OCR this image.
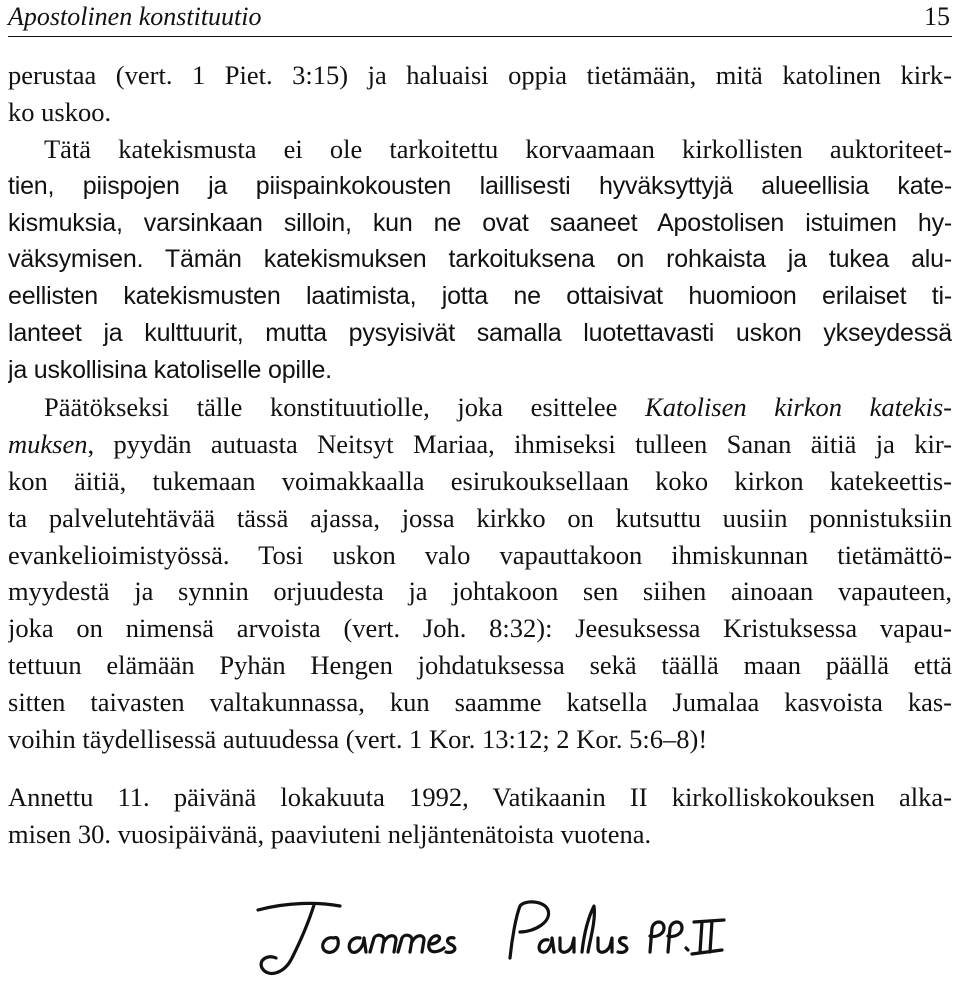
Apostolinen konstituutio	15
perustaa (vert. 1 Piet. 3:15) ja haluaisi oppia tietämään, mitä katolinen kirk-
ko uskoo.
Tätä katekismusta ei ole tarkoitettu korvaamaan kirkollisten auktoriteet-
tien, piispojen ja piispainkokousten laillisesti hyväksyttyjä alueellisia kate-
kismuksia, varsinkaan silloin, kun ne ovat saaneet Apostolisen istuimen hy-
väksymisen. Tämän katekismuksen tarkoituksena on rohkaista ja tukea alu-
eellisten katekismusten laatimista, jotta ne ottaisivat huomioon erilaiset ti-
lanteet ja kulttuurit, mutta pysyisivät samalla luotettavasti uskon ykseydessä
ja uskollisina katoliselle opille.
Päätökseksi tälle konstituutiolle, joka esittelee Katolisen kirkon katekis-
muksen, pyydän autuasta Neitsyt Mariaa, ihmiseksi tulleen Sanan äitiä ja kir-
kon äitiä, tukemaan voimakkaalla esirukouksellaan koko kirkon katekeettis-
ta palvelutehtävää tässä ajassa, jossa kirkko on kutsuttu uusiin ponnistuksiin
evankelioimistyössä. Tosi uskon valo vapauttakoon ihmiskunnan tietämättö-
myydestä ja synnin orjuudesta ja johtakoon sen siihen ainoaan vapauteen,
joka on nimensä arvoista (vert. Joh. 8:32): Jeesuksessa Kristuksessa vapau-
tettuun elämään Pyhän Hengen johdatuksessa sekä täällä maan päällä että
sitten taivasten valtakunnassa, kun saamme katsella Jumalaa kasvoista kas-
voihin täydellisessä autuudessa (vert. 1 Kor. 13:12; 2 Kor. 5:6–8)!
Annettu 11. päivänä lokakuuta 1992, Vatikaanin II kirkolliskokouksen alka-
misen 30. vuosipäivänä, paaviuteni neljäntenätoista vuotena.
